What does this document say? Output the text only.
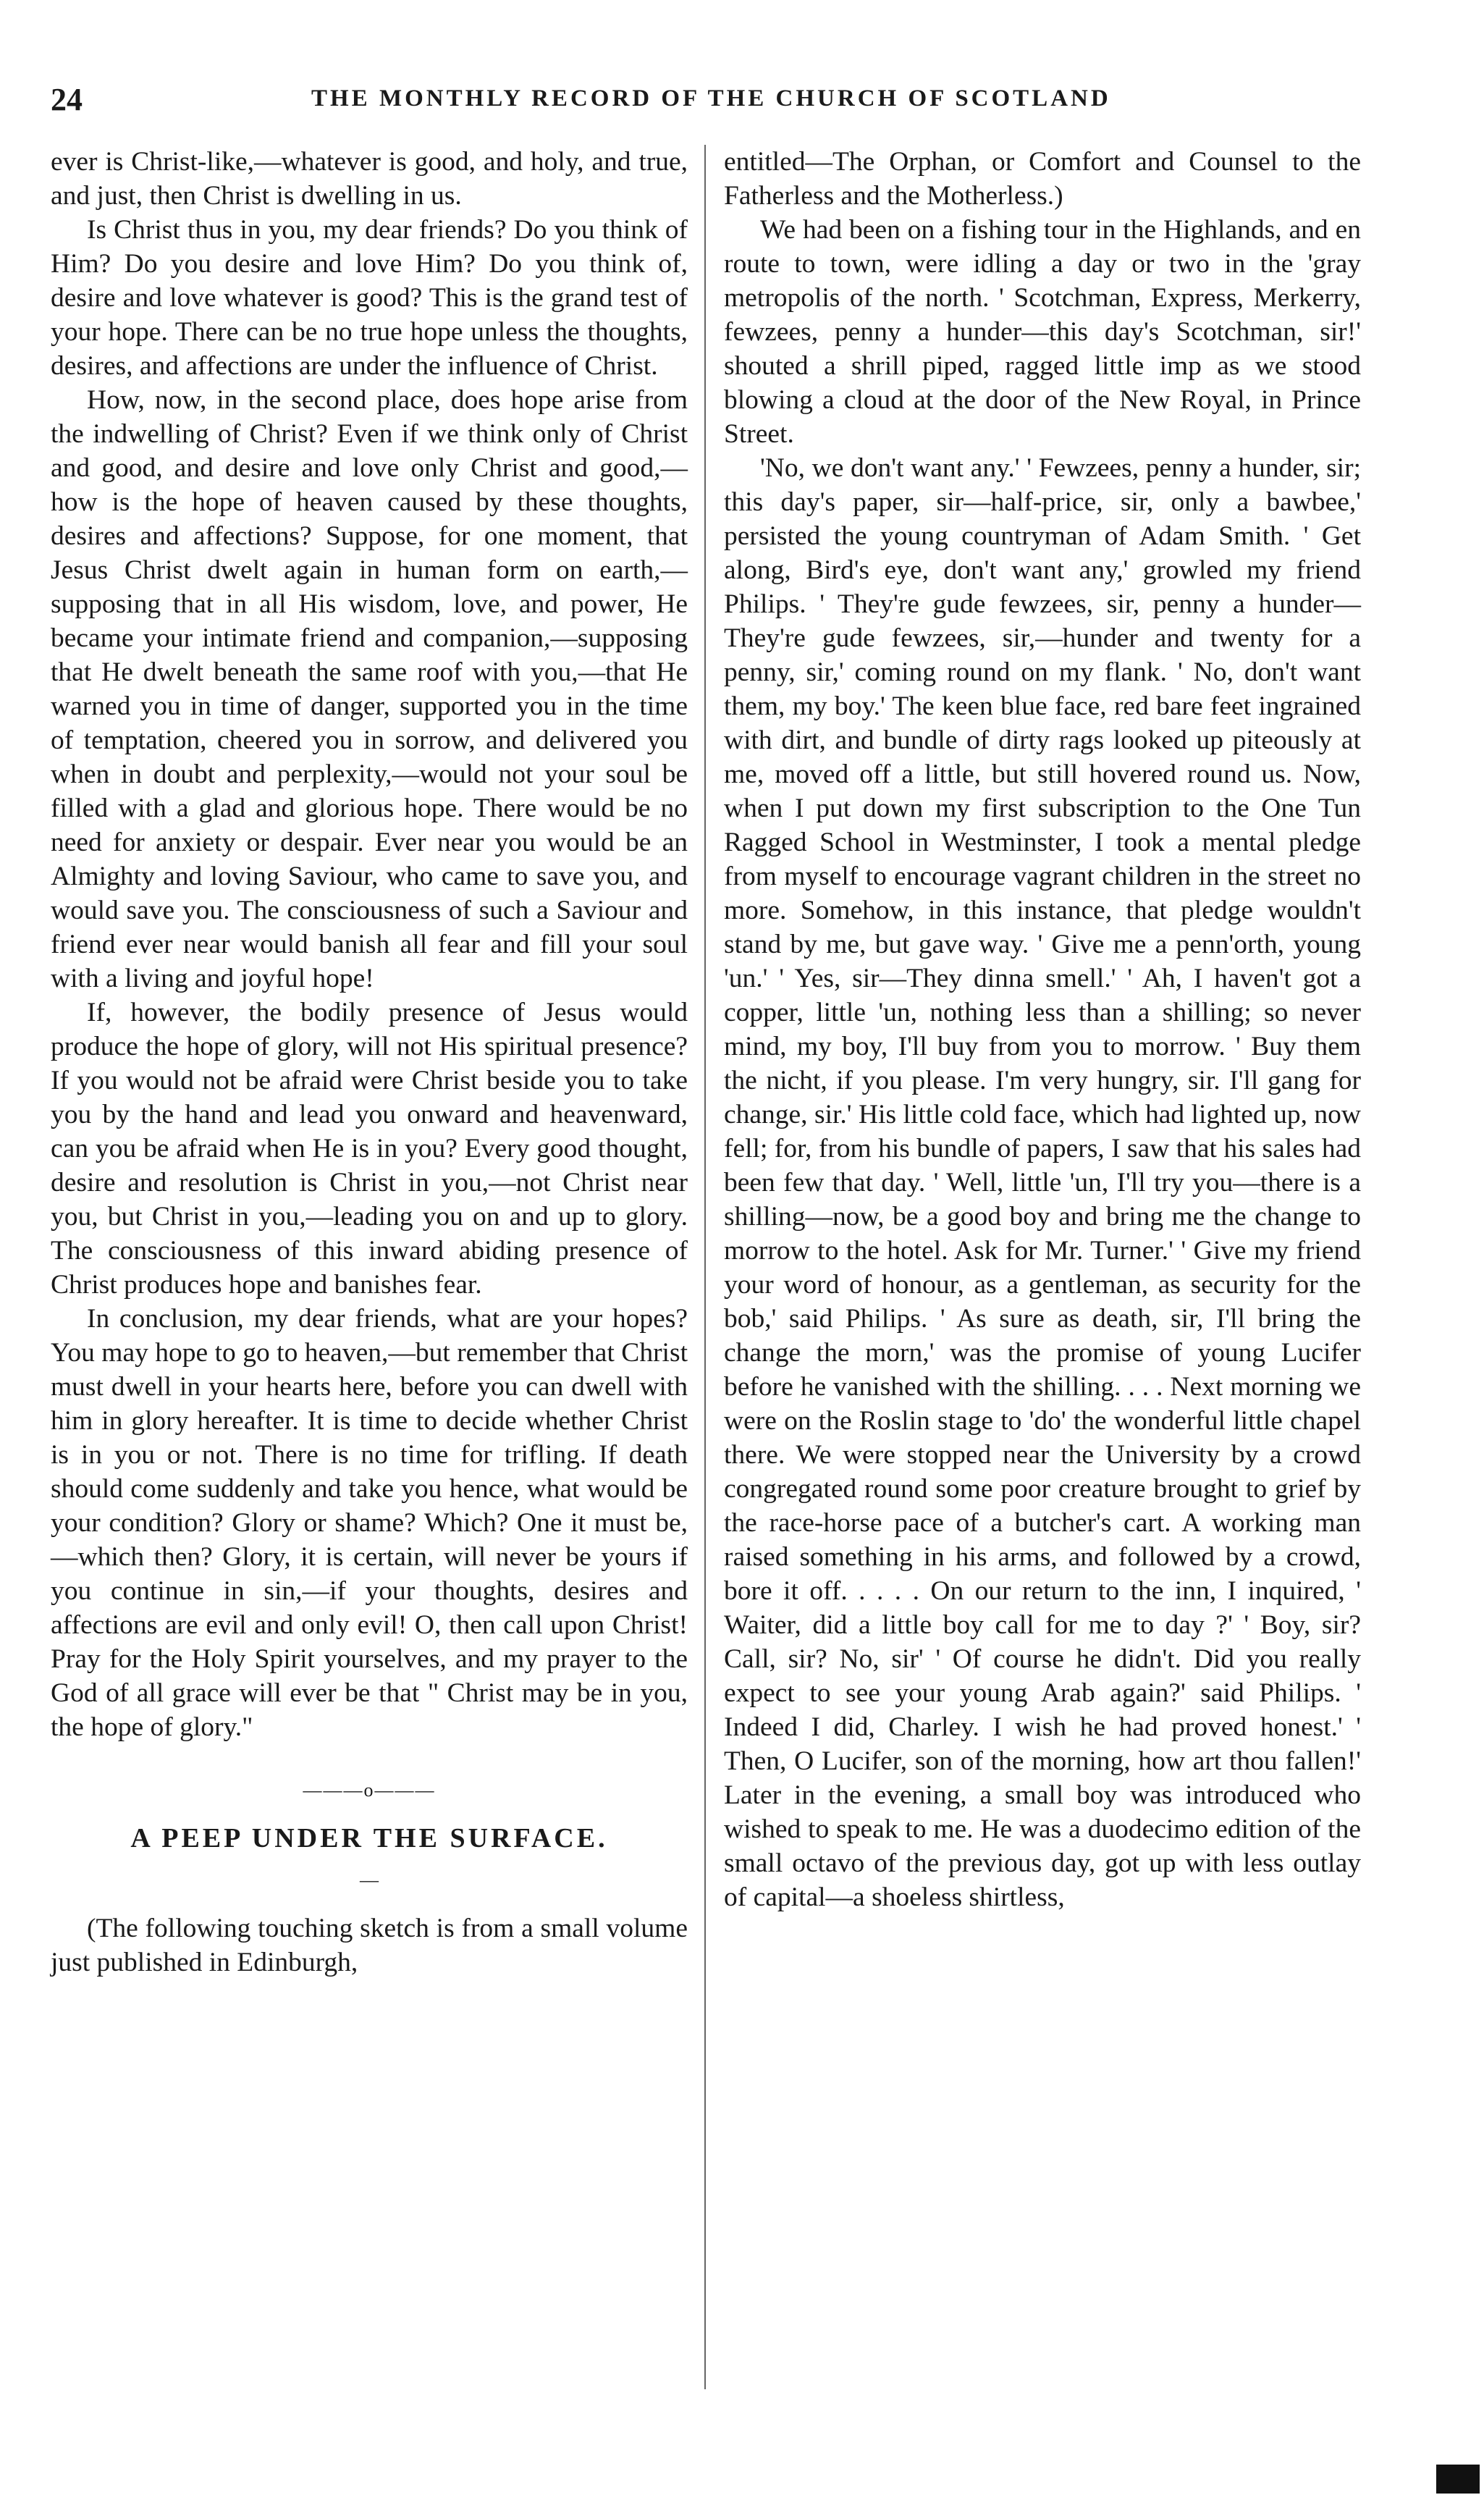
24	THE MONTHLY RECORD OF THE CHURCH OF SCOTLAND

ever is Christ-like,—whatever is good, and holy, and true, and just, then Christ is dwelling in us.

Is Christ thus in you, my dear friends? Do you think of Him? Do you desire and love Him? Do you think of, desire and love whatever is good? This is the grand test of your hope. There can be no true hope unless the thoughts, desires, and affections are under the influence of Christ.

How, now, in the second place, does hope arise from the indwelling of Christ? Even if we think only of Christ and good, and desire and love only Christ and good,—how is the hope of heaven caused by these thoughts, desires and affections? Suppose, for one moment, that Jesus Christ dwelt again in human form on earth,—supposing that in all His wisdom, love, and power, He became your intimate friend and companion,—supposing that He dwelt beneath the same roof with you,—that He warned you in time of danger, supported you in the time of temptation, cheered you in sorrow, and delivered you when in doubt and perplexity,—would not your soul be filled with a glad and glorious hope. There would be no need for anxiety or despair. Ever near you would be an Almighty and loving Saviour, who came to save you, and would save you. The consciousness of such a Saviour and friend ever near would banish all fear and fill your soul with a living and joyful hope!

If, however, the bodily presence of Jesus would produce the hope of glory, will not His spiritual presence? If you would not be afraid were Christ beside you to take you by the hand and lead you onward and heavenward, can you be afraid when He is in you? Every good thought, desire and resolution is Christ in you,—not Christ near you, but Christ in you,—leading you on and up to glory. The consciousness of this inward abiding presence of Christ produces hope and banishes fear.

In conclusion, my dear friends, what are your hopes? You may hope to go to heaven,—but remember that Christ must dwell in your hearts here, before you can dwell with him in glory hereafter. It is time to decide whether Christ is in you or not. There is no time for trifling. If death should come suddenly and take you hence, what would be your condition? Glory or shame? Which? One it must be,—which then? Glory, it is certain, will never be yours if you continue in sin,—if your thoughts, desires and affections are evil and only evil! O, then call upon Christ! Pray for the Holy Spirit yourselves, and my prayer to the God of all grace will ever be that " Christ may be in you, the hope of glory."

———o———
A PEEP UNDER THE SURFACE.
—

(The following touching sketch is from a small volume just published in Edinburgh,

entitled—The Orphan, or Comfort and Counsel to the Fatherless and the Motherless.)

We had been on a fishing tour in the Highlands, and en route to town, were idling a day or two in the 'gray metropolis of the north. ' Scotchman, Express, Merkerry, fewzees, penny a hunder—this day's Scotchman, sir!' shouted a shrill piped, ragged little imp as we stood blowing a cloud at the door of the New Royal, in Prince Street.

'No, we don't want any.' ' Fewzees, penny a hunder, sir; this day's paper, sir—half-price, sir, only a bawbee,' persisted the young countryman of Adam Smith. ' Get along, Bird's eye, don't want any,' growled my friend Philips. ' They're gude fewzees, sir, penny a hunder—They're gude fewzees, sir,—hunder and twenty for a penny, sir,' coming round on my flank. ' No, don't want them, my boy.' The keen blue face, red bare feet ingrained with dirt, and bundle of dirty rags looked up piteously at me, moved off a little, but still hovered round us. Now, when I put down my first subscription to the One Tun Ragged School in Westminster, I took a mental pledge from myself to encourage vagrant children in the street no more. Somehow, in this instance, that pledge wouldn't stand by me, but gave way. ' Give me a penn'orth, young 'un.' ' Yes, sir—They dinna smell.' ' Ah, I haven't got a copper, little 'un, nothing less than a shilling; so never mind, my boy, I'll buy from you to morrow. ' Buy them the nicht, if you please. I'm very hungry, sir. I'll gang for change, sir.' His little cold face, which had lighted up, now fell; for, from his bundle of papers, I saw that his sales had been few that day. ' Well, little 'un, I'll try you—there is a shilling—now, be a good boy and bring me the change to morrow to the hotel. Ask for Mr. Turner.' ' Give my friend your word of honour, as a gentleman, as security for the bob,' said Philips. ' As sure as death, sir, I'll bring the change the morn,' was the promise of young Lucifer before he vanished with the shilling. . . . Next morning we were on the Roslin stage to 'do' the wonderful little chapel there. We were stopped near the University by a crowd congregated round some poor creature brought to grief by the race-horse pace of a butcher's cart. A working man raised something in his arms, and followed by a crowd, bore it off. . . . . On our return to the inn, I inquired, ' Waiter, did a little boy call for me to day ?' ' Boy, sir? Call, sir? No, sir' ' Of course he didn't. Did you really expect to see your young Arab again?' said Philips. ' Indeed I did, Charley. I wish he had proved honest.' ' Then, O Lucifer, son of the morning, how art thou fallen!' Later in the evening, a small boy was introduced who wished to speak to me. He was a duodecimo edition of the small octavo of the previous day, got up with less outlay of capital—a shoeless shirtless,
